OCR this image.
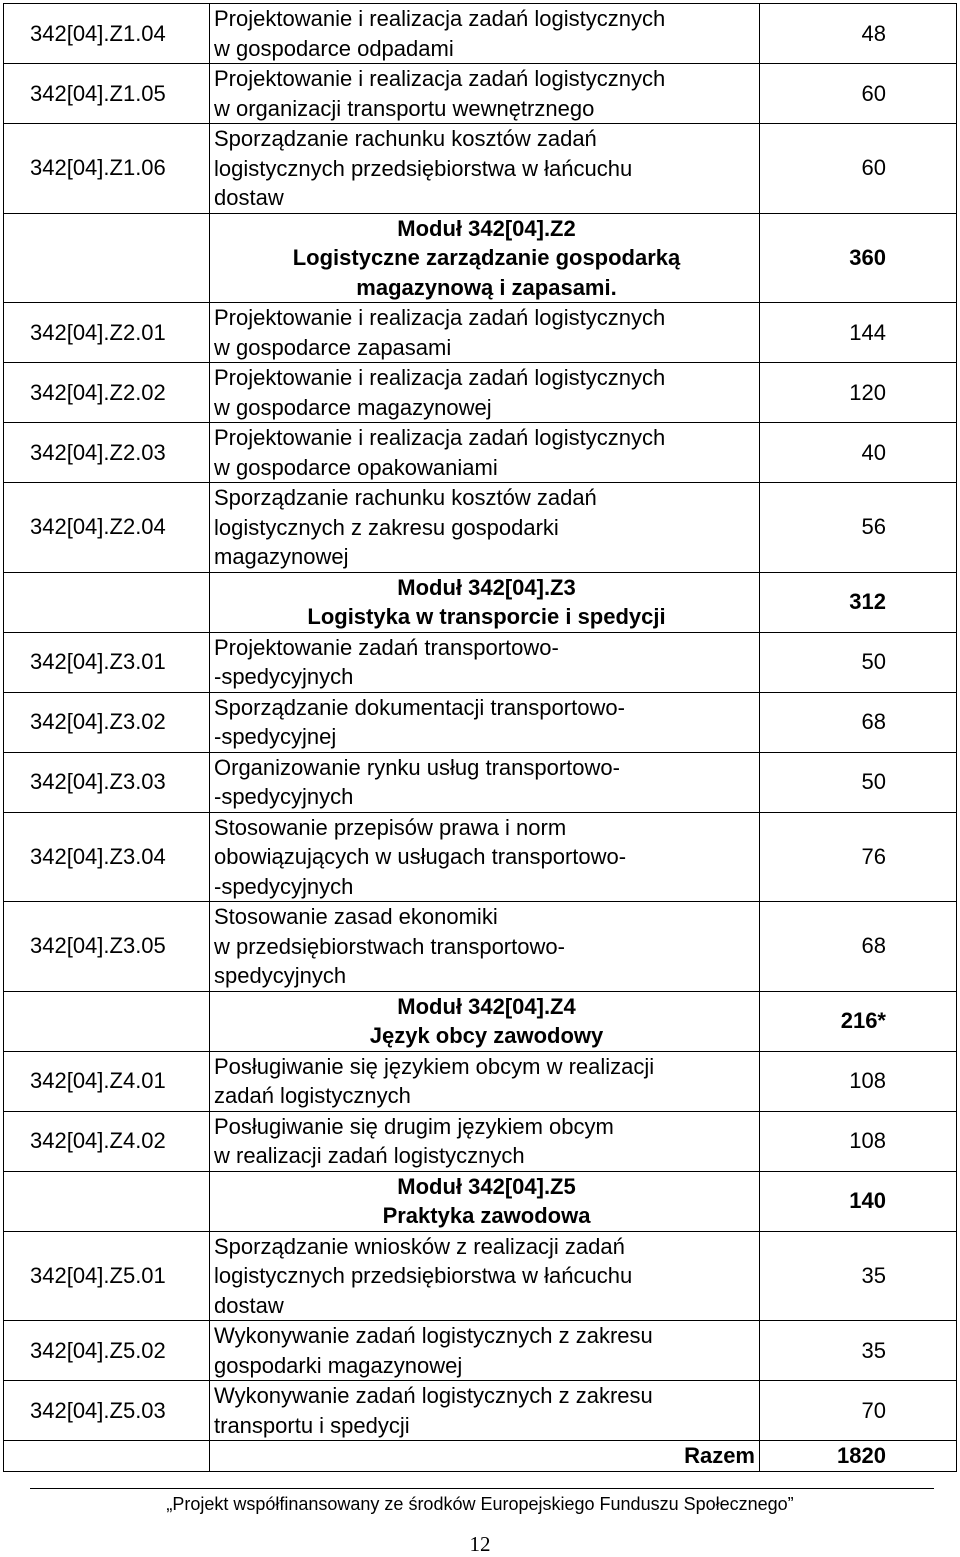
342[04].Z1.04	Projektowanie i realizacja zadań logistycznych
w gospodarce odpadami	48
342[04].Z1.05	Projektowanie i realizacja zadań logistycznych
w organizacji transportu wewnętrznego	60
342[04].Z1.06	Sporządzanie rachunku kosztów zadań
logistycznych przedsiębiorstwa w łańcuchu
dostaw	60

	Moduł 342[04].Z2
Logistyczne zarządzanie gospodarką
magazynową i zapasami.	360
342[04].Z2.01	Projektowanie i realizacja zadań logistycznych
w gospodarce zapasami	144
342[04].Z2.02	Projektowanie i realizacja zadań logistycznych
w gospodarce magazynowej	120
342[04].Z2.03	Projektowanie i realizacja zadań logistycznych
w gospodarce opakowaniami	40
342[04].Z2.04	Sporządzanie rachunku kosztów zadań
logistycznych z zakresu gospodarki
magazynowej	56

	Moduł 342[04].Z3
Logistyka w transporcie i spedycji	312
342[04].Z3.01	Projektowanie zadań transportowo-
-spedycyjnych	50
342[04].Z3.02	Sporządzanie dokumentacji transportowo-
-spedycyjnej	68
342[04].Z3.03	Organizowanie rynku usług transportowo-
-spedycyjnych	50
342[04].Z3.04	Stosowanie przepisów prawa i norm
obowiązujących w usługach transportowo-
-spedycyjnych	76
342[04].Z3.05	Stosowanie zasad ekonomiki
w przedsiębiorstwach transportowo-
spedycyjnych	68

	Moduł 342[04].Z4
Język obcy zawodowy	216*
342[04].Z4.01	Posługiwanie się językiem obcym w realizacji
zadań logistycznych	108
342[04].Z4.02	Posługiwanie się drugim językiem obcym
w realizacji zadań logistycznych	108

	Moduł 342[04].Z5
Praktyka zawodowa	140
342[04].Z5.01	Sporządzanie wniosków z realizacji zadań
logistycznych przedsiębiorstwa w łańcuchu
dostaw	35
342[04].Z5.02	Wykonywanie zadań logistycznych z zakresu
gospodarki magazynowej	35
342[04].Z5.03	Wykonywanie zadań logistycznych z zakresu
transportu i spedycji	70

	Razem	1820
„Projekt współfinansowany ze środków Europejskiego Funduszu Społecznego”
12
